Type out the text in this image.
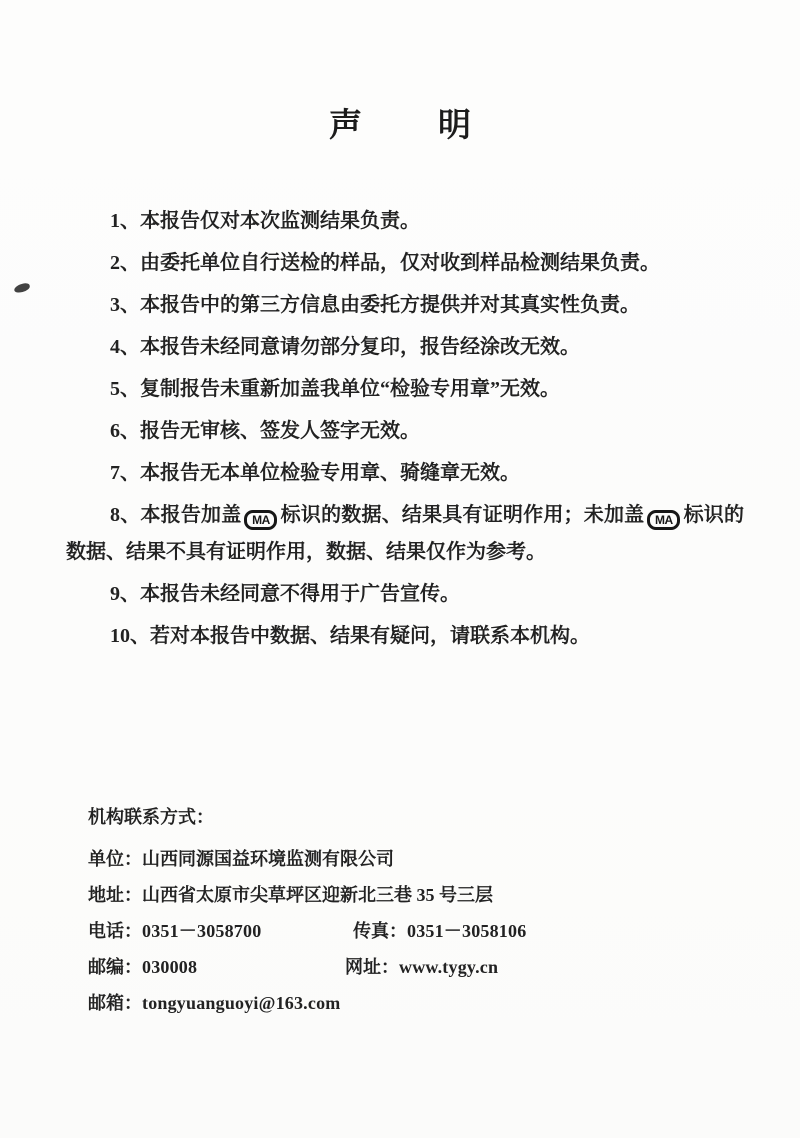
声明

1、本报告仅对本次监测结果负责。

2、由委托单位自行送检的样品，仅对收到样品检测结果负责。

3、本报告中的第三方信息由委托方提供并对其真实性负责。

4、本报告未经同意请勿部分复印，报告经涂改无效。

5、复制报告未重新加盖我单位“检验专用章”无效。

6、报告无审核、签发人签字无效。

7、本报告无本单位检验专用章、骑缝章无效。

8、本报告加盖 MA 标识的数据、结果具有证明作用；未加盖 MA 标识的数据、结果不具有证明作用，数据、结果仅作为参考。

9、本报告未经同意不得用于广告宣传。

10、若对本报告中数据、结果有疑问，请联系本机构。

机构联系方式：

单位：山西同源国益环境监测有限公司

地址：山西省太原市尖草坪区迎新北三巷 35 号三层

电话：0351－3058700	传真：0351－3058106

邮编：030008	网址：www.tygy.cn

邮箱：tongyuanguoyi@163.com
